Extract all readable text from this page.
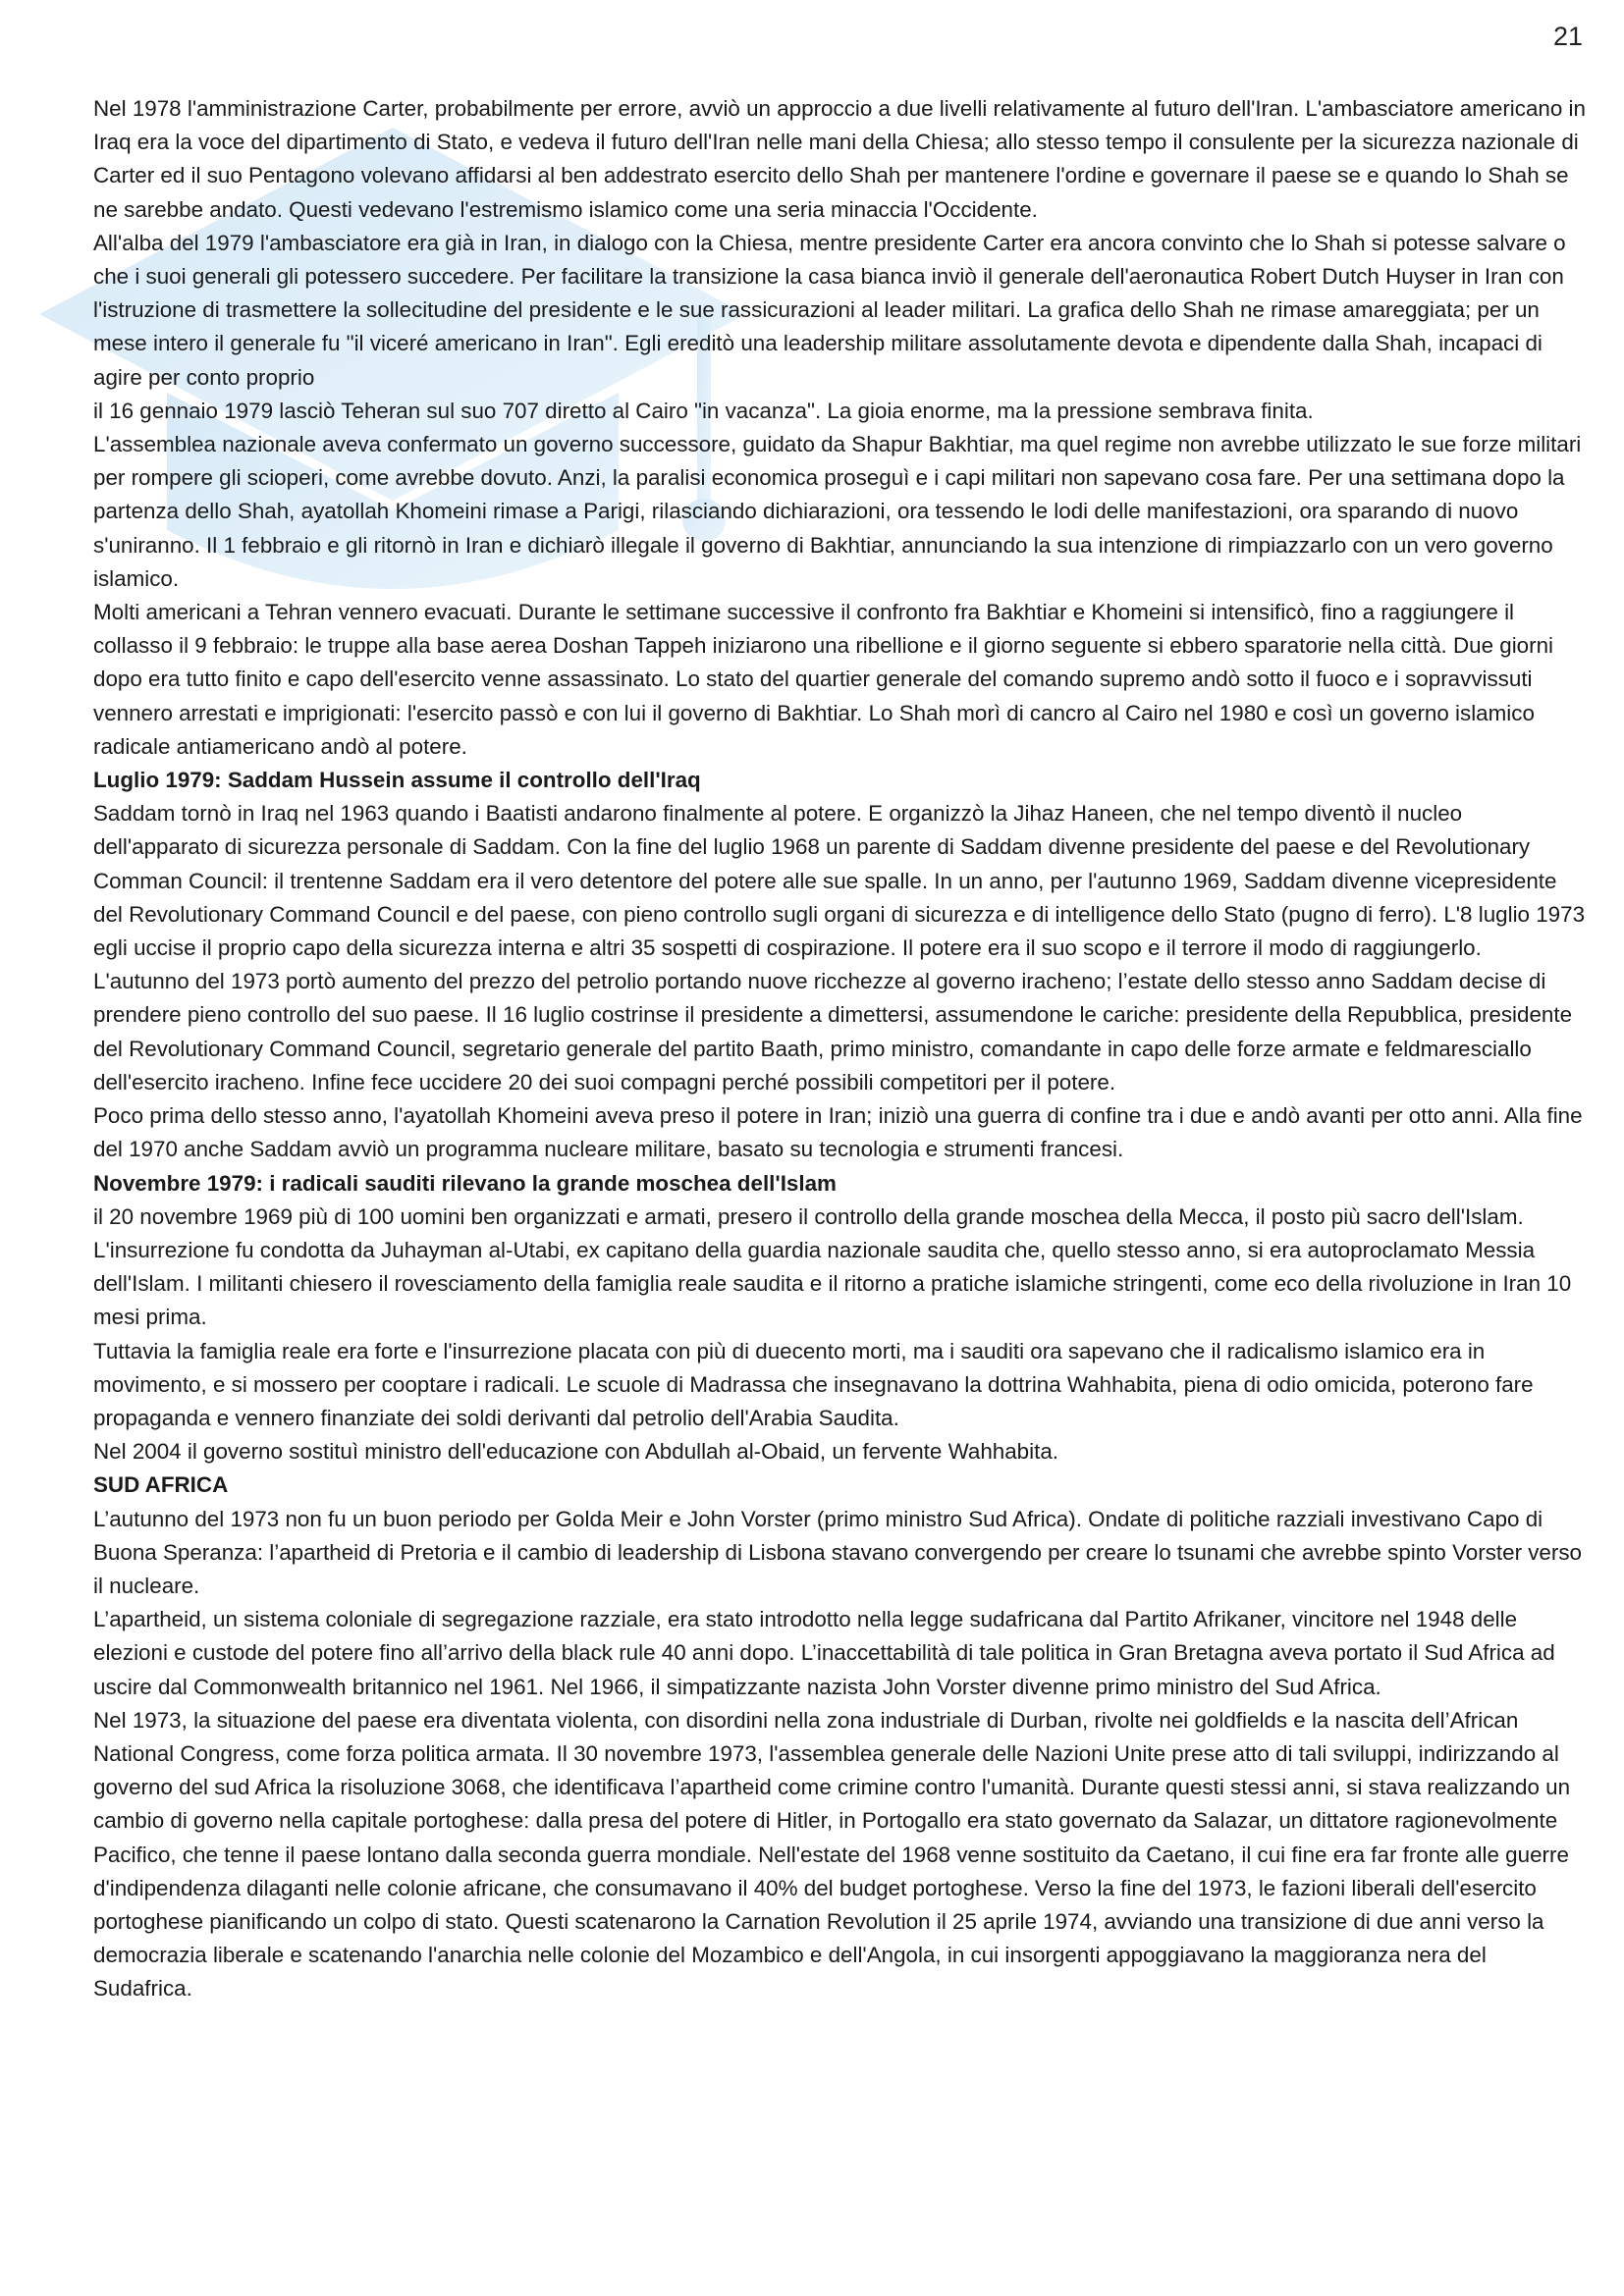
21

Nel 1978 l'amministrazione Carter, probabilmente per errore, avviò un approccio a due livelli relativamente al futuro dell'Iran. L'ambasciatore americano in Iraq era la voce del dipartimento di Stato, e vedeva il futuro dell'Iran nelle mani della Chiesa; allo stesso tempo il consulente per la sicurezza nazionale di Carter ed il suo Pentagono volevano affidarsi al ben addestrato esercito dello Shah per mantenere l'ordine e governare il paese se e quando lo Shah se ne sarebbe andato. Questi vedevano l'estremismo islamico come una seria minaccia l'Occidente.

All'alba del 1979 l'ambasciatore era già in Iran, in dialogo con la Chiesa, mentre presidente Carter era ancora convinto che lo Shah si potesse salvare o che i suoi generali gli potessero succedere. Per facilitare la transizione la casa bianca inviò il generale dell'aeronautica Robert Dutch Huyser in Iran con l'istruzione di trasmettere la sollecitudine del presidente e le sue rassicurazioni al leader militari. La grafica dello Shah ne rimase amareggiata; per un mese intero il generale fu "il viceré americano in Iran". Egli ereditò una leadership militare assolutamente devota e dipendente dalla Shah, incapaci di agire per conto proprio

il 16 gennaio 1979 lasciò Teheran sul suo 707 diretto al Cairo "in vacanza". La gioia enorme, ma la pressione sembrava finita.

L'assemblea nazionale aveva confermato un governo successore, guidato da Shapur Bakhtiar, ma quel regime non avrebbe utilizzato le sue forze militari per rompere gli scioperi, come avrebbe dovuto. Anzi, la paralisi economica proseguì e i capi militari non sapevano cosa fare. Per una settimana dopo la partenza dello Shah, ayatollah Khomeini rimase a Parigi, rilasciando dichiarazioni, ora tessendo le lodi delle manifestazioni, ora sparando di nuovo s'uniranno. Il 1 febbraio e gli ritornò in Iran e dichiarò illegale il governo di Bakhtiar, annunciando la sua intenzione di rimpiazzarlo con un vero governo islamico.

Molti americani a Tehran vennero evacuati. Durante le settimane successive il confronto fra Bakhtiar e Khomeini si intensificò, fino a raggiungere il collasso il 9 febbraio: le truppe alla base aerea Doshan Tappeh iniziarono una ribellione e il giorno seguente si ebbero sparatorie nella città. Due giorni dopo era tutto finito e capo dell'esercito venne assassinato. Lo stato del quartier generale del comando supremo andò sotto il fuoco e i sopravvissuti vennero arrestati e imprigionati: l'esercito passò e con lui il governo di Bakhtiar. Lo Shah morì di cancro al Cairo nel 1980 e così un governo islamico radicale antiamericano andò al potere.

Luglio 1979: Saddam Hussein assume il controllo dell'Iraq

Saddam tornò in Iraq nel 1963 quando i Baatisti andarono finalmente al potere. E organizzò la Jihaz Haneen, che nel tempo diventò il nucleo dell'apparato di sicurezza personale di Saddam. Con la fine del luglio 1968 un parente di Saddam divenne presidente del paese e del Revolutionary Comman Council: il trentenne Saddam era il vero detentore del potere alle sue spalle. In un anno, per l'autunno 1969, Saddam divenne vicepresidente del Revolutionary Command Council e del paese, con pieno controllo sugli organi di sicurezza e di intelligence dello Stato (pugno di ferro). L'8 luglio 1973 egli uccise il proprio capo della sicurezza interna e altri 35 sospetti di cospirazione. Il potere era il suo scopo e il terrore il modo di raggiungerlo.

L'autunno del 1973 portò aumento del prezzo del petrolio portando nuove ricchezze al governo iracheno; l’estate dello stesso anno Saddam decise di prendere pieno controllo del suo paese. Il 16 luglio costrinse il presidente a dimettersi, assumendone le cariche: presidente della Repubblica, presidente del Revolutionary Command Council, segretario generale del partito Baath, primo ministro, comandante in capo delle forze armate e feldmaresciallo dell'esercito iracheno. Infine fece uccidere 20 dei suoi compagni perché possibili competitori per il potere.

Poco prima dello stesso anno, l'ayatollah Khomeini aveva preso il potere in Iran; iniziò una guerra di confine tra i due e andò avanti per otto anni. Alla fine del 1970 anche Saddam avviò un programma nucleare militare, basato su tecnologia e strumenti francesi.

Novembre 1979: i radicali sauditi rilevano la grande moschea dell'Islam

il 20 novembre 1969 più di 100 uomini ben organizzati e armati, presero il controllo della grande moschea della Mecca, il posto più sacro dell'Islam. L'insurrezione fu condotta da Juhayman al-Utabi, ex capitano della guardia nazionale saudita che, quello stesso anno, si era autoproclamato Messia dell'Islam. I militanti chiesero il rovesciamento della famiglia reale saudita e il ritorno a pratiche islamiche stringenti, come eco della rivoluzione in Iran 10 mesi prima.

Tuttavia la famiglia reale era forte e l'insurrezione placata con più di duecento morti, ma i sauditi ora sapevano che il radicalismo islamico era in movimento, e si mossero per cooptare i radicali. Le scuole di Madrassa che insegnavano la dottrina Wahhabita, piena di odio omicida, poterono fare propaganda e vennero finanziate dei soldi derivanti dal petrolio dell'Arabia Saudita.

Nel 2004 il governo sostituì ministro dell'educazione con Abdullah al-Obaid, un fervente Wahhabita.

SUD AFRICA

L’autunno del 1973 non fu un buon periodo per Golda Meir e John Vorster (primo ministro Sud Africa). Ondate di politiche razziali investivano Capo di Buona Speranza: l’apartheid di Pretoria e il cambio di leadership di Lisbona stavano convergendo per creare lo tsunami che avrebbe spinto Vorster verso il nucleare.

L’apartheid, un sistema coloniale di segregazione razziale, era stato introdotto nella legge sudafricana dal Partito Afrikaner, vincitore nel 1948 delle elezioni e custode del potere fino all’arrivo della black rule 40 anni dopo. L’inaccettabilità di tale politica in Gran Bretagna aveva portato il Sud Africa ad uscire dal Commonwealth britannico nel 1961. Nel 1966, il simpatizzante nazista John Vorster divenne primo ministro del Sud Africa.

Nel 1973, la situazione del paese era diventata violenta, con disordini nella zona industriale di Durban, rivolte nei goldfields e la nascita dell’African National Congress, come forza politica armata. Il 30 novembre 1973, l'assemblea generale delle Nazioni Unite prese atto di tali sviluppi, indirizzando al governo del sud Africa la risoluzione 3068, che identificava l’apartheid come crimine contro l'umanità. Durante questi stessi anni, si stava realizzando un cambio di governo nella capitale portoghese: dalla presa del potere di Hitler, in Portogallo era stato governato da Salazar, un dittatore ragionevolmente Pacifico, che tenne il paese lontano dalla seconda guerra mondiale. Nell'estate del 1968 venne sostituito da Caetano, il cui fine era far fronte alle guerre d'indipendenza dilaganti nelle colonie africane, che consumavano il 40% del budget portoghese. Verso la fine del 1973, le fazioni liberali dell'esercito portoghese pianificando un colpo di stato. Questi scatenarono la Carnation Revolution il 25 aprile 1974, avviando una transizione di due anni verso la democrazia liberale e scatenando l'anarchia nelle colonie del Mozambico e dell'Angola, in cui insorgenti appoggiavano la maggioranza nera del Sudafrica.
